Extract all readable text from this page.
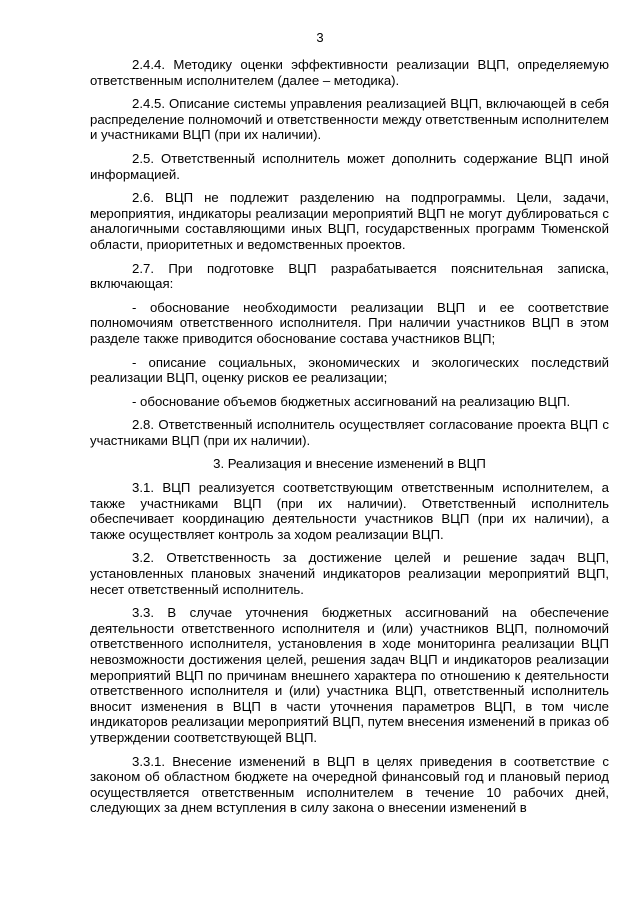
3

2.4.4. Методику оценки эффективности реализации ВЦП, определяемую ответственным исполнителем (далее – методика).

2.4.5. Описание системы управления реализацией ВЦП, включающей в себя распределение полномочий и ответственности между ответственным исполнителем и участниками ВЦП (при их наличии).

2.5. Ответственный исполнитель может дополнить содержание ВЦП иной информацией.

2.6. ВЦП не подлежит разделению на подпрограммы. Цели, задачи, мероприятия, индикаторы реализации мероприятий ВЦП не могут дублироваться с аналогичными составляющими иных ВЦП, государственных программ Тюменской области, приоритетных и ведомственных проектов.

2.7. При подготовке ВЦП разрабатывается пояснительная записка, включающая:

- обоснование необходимости реализации ВЦП и ее соответствие полномочиям ответственного исполнителя. При наличии участников ВЦП в этом разделе также приводится обоснование состава участников ВЦП;

- описание социальных, экономических и экологических последствий реализации ВЦП, оценку рисков ее реализации;

- обоснование объемов бюджетных ассигнований на реализацию ВЦП.

2.8. Ответственный исполнитель осуществляет согласование проекта ВЦП с участниками ВЦП (при их наличии).

3. Реализация и внесение изменений в ВЦП

3.1. ВЦП реализуется соответствующим ответственным исполнителем, а также участниками ВЦП (при их наличии). Ответственный исполнитель обеспечивает координацию деятельности участников ВЦП (при их наличии), а также осуществляет контроль за ходом реализации ВЦП.

3.2. Ответственность за достижение целей и решение задач ВЦП, установленных плановых значений индикаторов реализации мероприятий ВЦП, несет ответственный исполнитель.

3.3. В случае уточнения бюджетных ассигнований на обеспечение деятельности ответственного исполнителя и (или) участников ВЦП, полномочий ответственного исполнителя, установления в ходе мониторинга реализации ВЦП невозможности достижения целей, решения задач ВЦП и индикаторов реализации мероприятий ВЦП по причинам внешнего характера по отношению к деятельности ответственного исполнителя и (или) участника ВЦП, ответственный исполнитель вносит изменения в ВЦП в части уточнения параметров ВЦП, в том числе индикаторов реализации мероприятий ВЦП, путем внесения изменений в приказ об утверждении соответствующей ВЦП.

3.3.1. Внесение изменений в ВЦП в целях приведения в соответствие с законом об областном бюджете на очередной финансовый год и плановый период осуществляется ответственным исполнителем в течение 10 рабочих дней, следующих за днем вступления в силу закона о внесении изменений в
